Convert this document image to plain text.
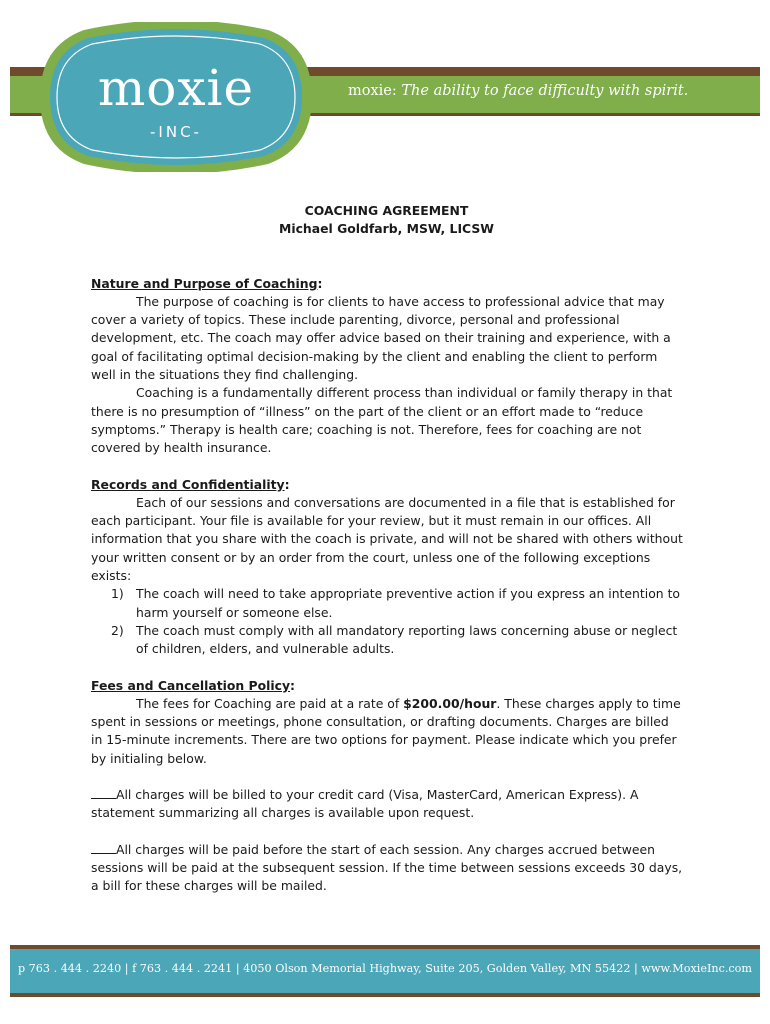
moxie: The ability to face difficulty with spirit.
moxie
-INC-
COACHING AGREEMENT
Michael Goldfarb, MSW, LICSW
Nature and Purpose of Coaching:

The purpose of coaching is for clients to have access to professional advice that may cover a variety of topics. These include parenting, divorce, personal and professional development, etc. The coach may offer advice based on their training and experience, with a goal of facilitating optimal decision-making by the client and enabling the client to perform well in the situations they find challenging.

Coaching is a fundamentally different process than individual or family therapy in that there is no presumption of “illness” on the part of the client or an effort made to “reduce symptoms.” Therapy is health care; coaching is not. Therefore, fees for coaching are not covered by health insurance.

Records and Confidentiality:

Each of our sessions and conversations are documented in a file that is established for each participant. Your file is available for your review, but it must remain in our offices. All information that you share with the coach is private, and will not be shared with others without your written consent or by an order from the court, unless one of the following exceptions exists:

1) The coach will need to take appropriate preventive action if you express an intention to harm yourself or someone else.
2) The coach must comply with all mandatory reporting laws concerning abuse or neglect of children, elders, and vulnerable adults.
Fees and Cancellation Policy:

The fees for Coaching are paid at a rate of $200.00/hour. These charges apply to time spent in sessions or meetings, phone consultation, or drafting documents. Charges are billed in 15-minute increments. There are two options for payment. Please indicate which you prefer by initialing below.

All charges will be billed to your credit card (Visa, MasterCard, American Express). A statement summarizing all charges is available upon request.

All charges will be paid before the start of each session. Any charges accrued between sessions will be paid at the subsequent session. If the time between sessions exceeds 30 days, a bill for these charges will be mailed.

p 763 . 444 . 2240 | f 763 . 444 . 2241 | 4050 Olson Memorial Highway, Suite 205, Golden Valley, MN 55422 | www.MoxieInc.com
